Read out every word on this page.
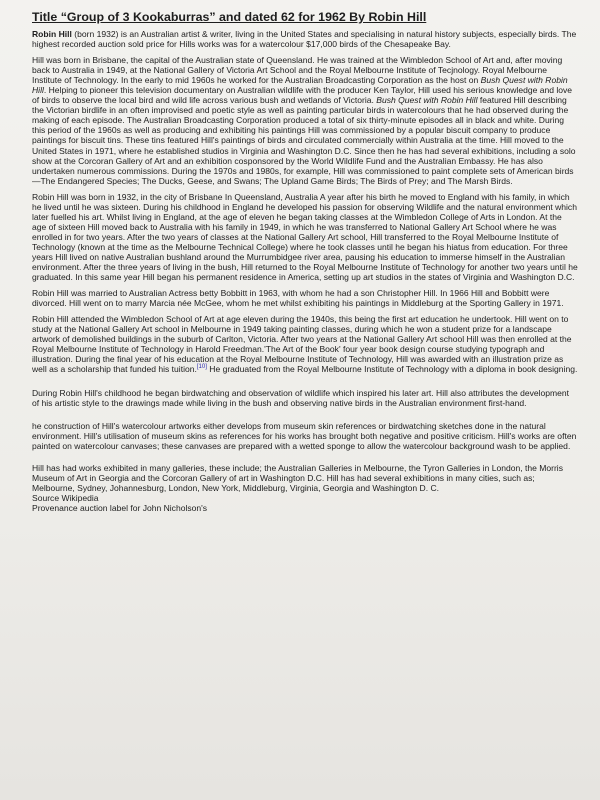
Title “Group of 3 Kookaburras” and dated 62 for 1962 By Robin Hill

Robin Hill (born 1932) is an Australian artist & writer, living in the United States and specialising in natural history subjects, especially birds. The highest recorded auction sold price for Hills works was for a watercolour $17,000 birds of the Chesapeake Bay.

Hill was born in Brisbane, the capital of the Australian state of Queensland. He was trained at the Wimbledon School of Art and, after moving back to Australia in 1949, at the National Gallery of Victoria Art School and the Royal Melbourne Institute of Tecjnology. Royal Melbourne Institute of Technology. In the early to mid 1960s he worked for the Australian Broadcasting Corporation as the host on Bush Quest with Robin Hill. Helping to pioneer this television documentary on Australian wildlife with the producer Ken Taylor, Hill used his serious knowledge and love of birds to observe the local bird and wild life across various bush and wetlands of Victoria. Bush Quest with Robin Hill featured Hill describing the Victorian birdlife in an often improvised and poetic style as well as painting particular birds in watercolours that he had observed during the making of each episode. The Australian Broadcasting Corporation produced a total of six thirty-minute episodes all in black and white. During this period of the 1960s as well as producing and exhibiting his paintings Hill was commissioned by a popular biscuit company to produce paintings for biscuit tins. These tins featured Hill's paintings of birds and circulated commercially within Australia at the time. Hill moved to the United States in 1971, where he established studios in Virginia and Washington D.C. Since then he has had several exhibitions, including a solo show at the Corcoran Gallery of Art and an exhibition cosponsored by the World Wildlife Fund and the Australian Embassy. He has also undertaken numerous commissions. During the 1970s and 1980s, for example, Hill was commissioned to paint complete sets of American birds—The Endangered Species; The Ducks, Geese, and Swans; The Upland Game Birds; The Birds of Prey; and The Marsh Birds.

Robin Hill was born in 1932, in the city of Brisbane In Queensland, Australia A year after his birth he moved to England with his family, in which he lived until he was sixteen. During his childhood in England he developed his passion for observing Wildlife and the natural environment which later fuelled his art. Whilst living in England, at the age of eleven he began taking classes at the Wimbledon College of Arts in London. At the age of sixteen Hill moved back to Australia with his family in 1949, in which he was transferred to National Gallery Art School where he was enrolled in for two years. After the two years of classes at the National Gallery Art school, Hill transferred to the Royal Melbourne Institute of Technology (known at the time as the Melbourne Technical College) where he took classes until he began his hiatus from education. For three years Hill lived on native Australian bushland around the Murrumbidgee river area, pausing his education to immerse himself in the Australian environment. After the three years of living in the bush, Hill returned to the Royal Melbourne Institute of Technology for another two years until he graduated. In this same year Hill began his permanent residence in America, setting up art studios in the states of Virginia and Washington D.C.

Robin Hill was married to Australian Actress betty Bobbitt in 1963, with whom he had a son Christopher Hill. In 1966 Hill and Bobbitt were divorced. Hill went on to marry Marcia née McGee, whom he met whilst exhibiting his paintings in Middleburg at the Sporting Gallery in 1971.

Robin Hill attended the Wimbledon School of Art at age eleven during the 1940s, this being the first art education he undertook. Hill went on to study at the National Gallery Art school in Melbourne in 1949 taking painting classes, during which he won a student prize for a landscape artwork of demolished buildings in the suburb of Carlton, Victoria. After two years at the National Gallery Art school Hill was then enrolled at the Royal Melbourne Institute of Technology in Harold Freedman.'The Art of the Book' four year book design course studying typograph and illustration. During the final year of his education at the Royal Melbourne Institute of Technology, Hill was awarded with an illustration prize as well as a scholarship that funded his tuition.[10] He graduated from the Royal Melbourne Institute of Technology with a diploma in book designing.

During Robin Hill's childhood he began birdwatching and observation of wildlife which inspired his later art. Hill also attributes the development of his artistic style to the drawings made while living in the bush and observing native birds in the Australian environment first-hand.

he construction of Hill's watercolour artworks either develops from museum skin references or birdwatching sketches done in the natural environment. Hill's utilisation of museum skins as references for his works has brought both negative and positive criticism. Hill's works are often painted on watercolour canvases; these canvases are prepared with a wetted sponge to allow the watercolour background wash to be applied.

Hill has had works exhibited in many galleries, these include; the Australian Galleries in Melbourne, the Tyron Galleries in London, the Morris Museum of Art in Georgia and the Corcoran Gallery of art in Washington D.C. Hill has had several exhibitions in many cities, such as; Melbourne, Sydney, Johannesburg, London, New York, Middleburg, Virginia, Georgia and Washington D. C.
Source Wikipedia
Provenance auction label for John Nicholson's
